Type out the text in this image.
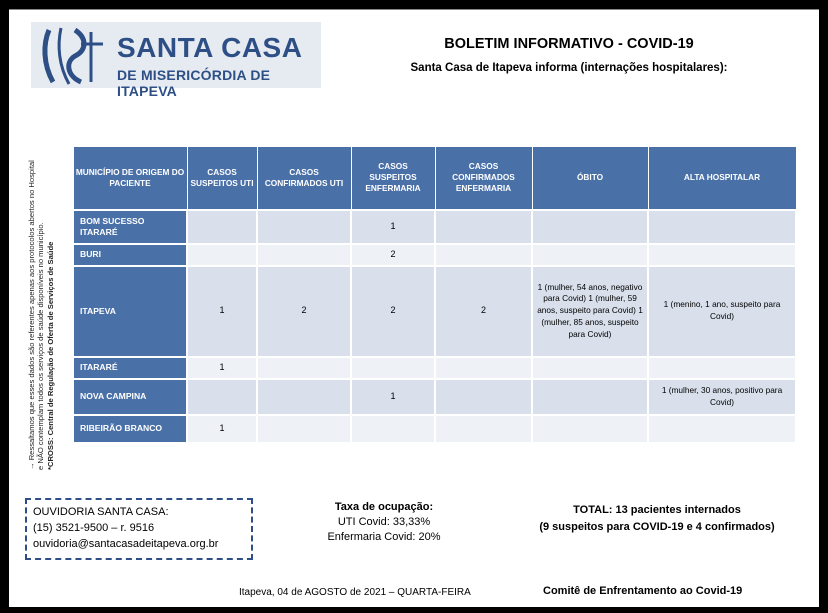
SANTA CASA
DE MISERICÓRDIA DE ITAPEVA
BOLETIM INFORMATIVO - COVID-19
Santa Casa de Itapeva informa (internações hospitalares):
→ Ressaltamos que esses dados são referentes apenas aos protocolos abertos no Hospital e NÃO contemplam todos os serviços de saúde disponíveis no município. *CROSS: Central de Regulação de Oferta de Serviços de Saúde
MUNICÍPIO DE ORIGEM DO PACIENTE	CASOS SUSPEITOS UTI	CASOS CONFIRMADOS UTI	CASOS SUSPEITOS ENFERMARIA	CASOS CONFIRMADOS ENFERMARIA	ÓBITO	ALTA HOSPITALAR
BOM SUCESSO ITARARÉ			1			
BURI			2			
ITAPEVA	1	2	2	2	1 (mulher, 54 anos, negativo para Covid) 1 (mulher, 59 anos, suspeito para Covid) 1 (mulher, 85 anos, suspeito para Covid)	1 (menino, 1 ano, suspeito para Covid)
ITARARÉ	1					
NOVA CAMPINA			1			1 (mulher, 30 anos, positivo para Covid)
RIBEIRÃO BRANCO	1					
OUVIDORIA SANTA CASA:
(15) 3521-9500 – r. 9516
ouvidoria@santacasadeitapeva.org.br
Taxa de ocupação:
UTI Covid: 33,33%
Enfermaria Covid: 20%
TOTAL: 13 pacientes internados
(9 suspeitos para COVID-19 e 4 confirmados)
Itapeva, 04 de AGOSTO de 2021 – QUARTA-FEIRA	Comitê de Enfrentamento ao Covid-19
